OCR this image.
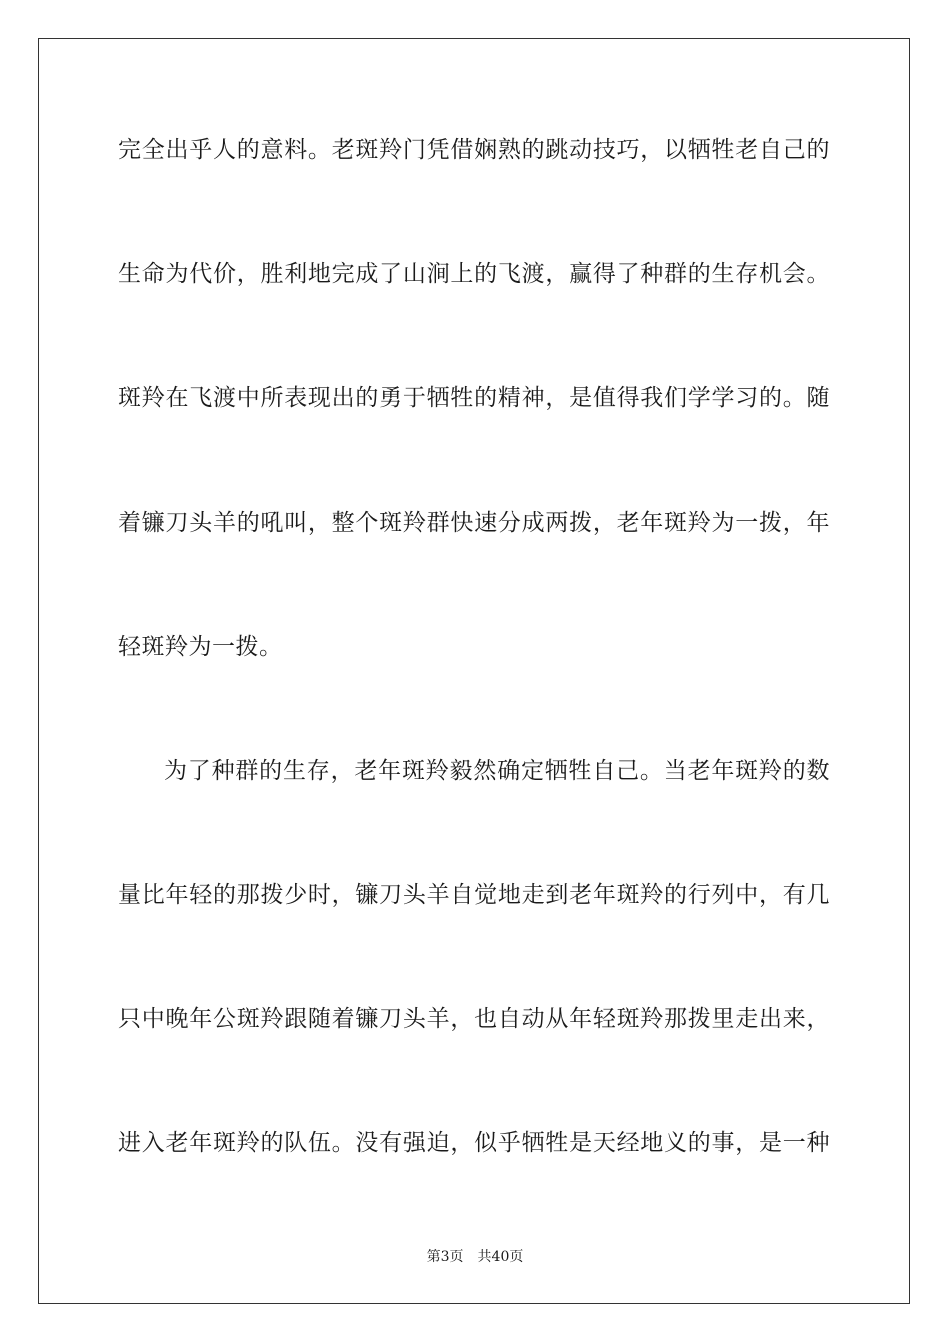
完全出乎人的意料。老斑羚门凭借娴熟的跳动技巧，以牺牲老自己的
生命为代价，胜利地完成了山涧上的飞渡，赢得了种群的生存机会。
斑羚在飞渡中所表现出的勇于牺牲的精神，是值得我们学学习的。随
着镰刀头羊的吼叫，整个斑羚群快速分成两拨，老年斑羚为一拨，年
轻斑羚为一拨。
为了种群的生存，老年斑羚毅然确定牺牲自己。当老年斑羚的数
量比年轻的那拨少时，镰刀头羊自觉地走到老年斑羚的行列中，有几
只中晚年公斑羚跟随着镰刀头羊，也自动从年轻斑羚那拨里走出来，
进入老年斑羚的队伍。没有强迫，似乎牺牲是天经地义的事，是一种
第3页 共40页
